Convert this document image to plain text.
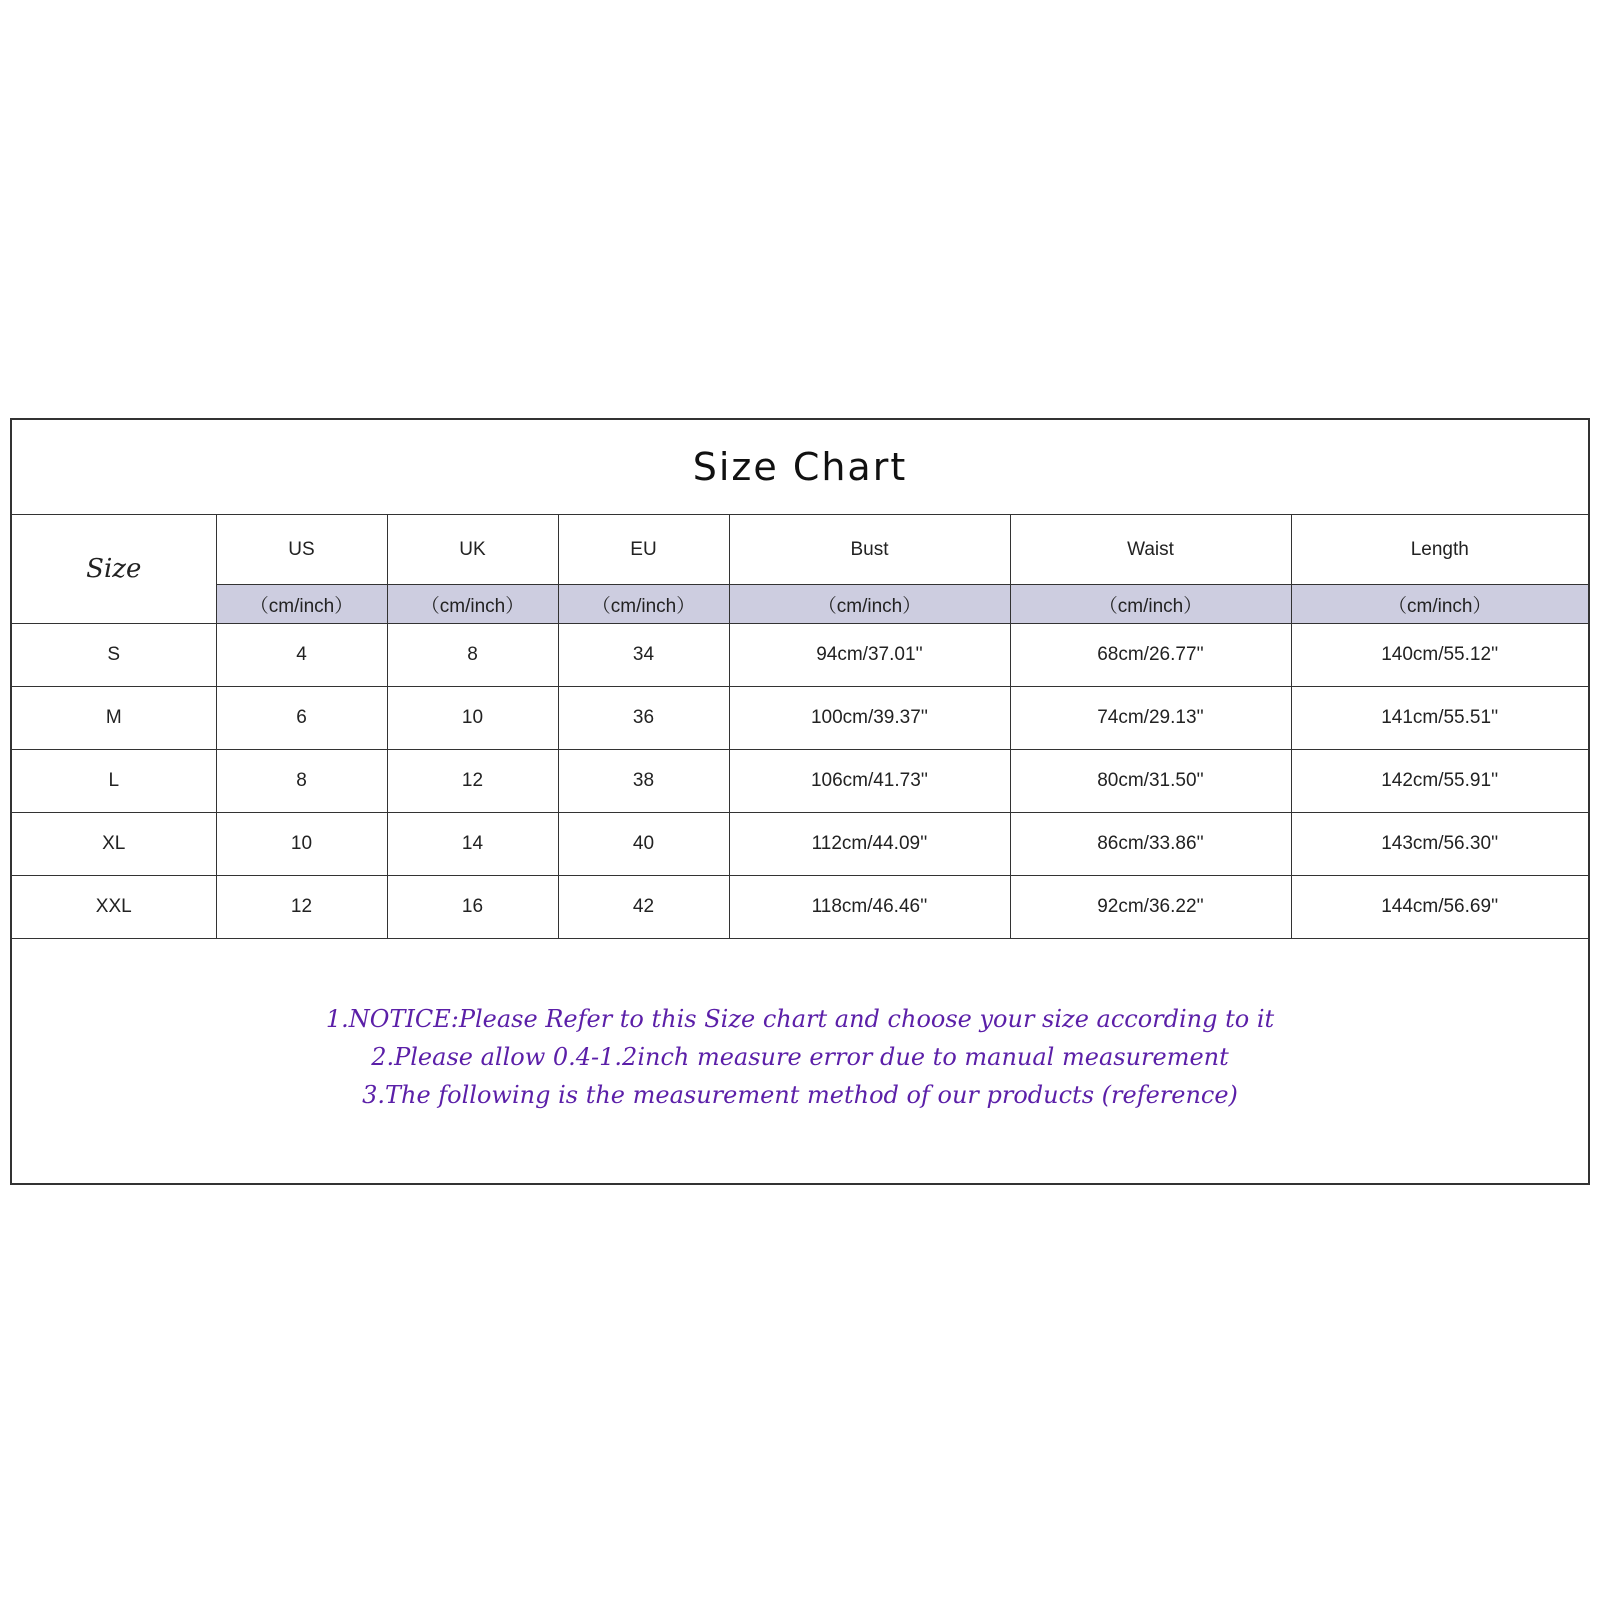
Size Chart
Size	US	UK	EU	Bust	Waist	Length
	（cm/inch）	（cm/inch）	（cm/inch）	（cm/inch）	（cm/inch）	（cm/inch）
S	4	8	34	94cm/37.01''	68cm/26.77''	140cm/55.12''
M	6	10	36	100cm/39.37''	74cm/29.13''	141cm/55.51''
L	8	12	38	106cm/41.73''	80cm/31.50''	142cm/55.91''
XL	10	14	40	112cm/44.09''	86cm/33.86''	143cm/56.30''
XXL	12	16	42	118cm/46.46''	92cm/36.22''	144cm/56.69''
1.NOTICE:Please Refer to this Size chart and choose your size according to it
2.Please allow 0.4-1.2inch measure error due to manual measurement
3.The following is the measurement method of our products (reference)
